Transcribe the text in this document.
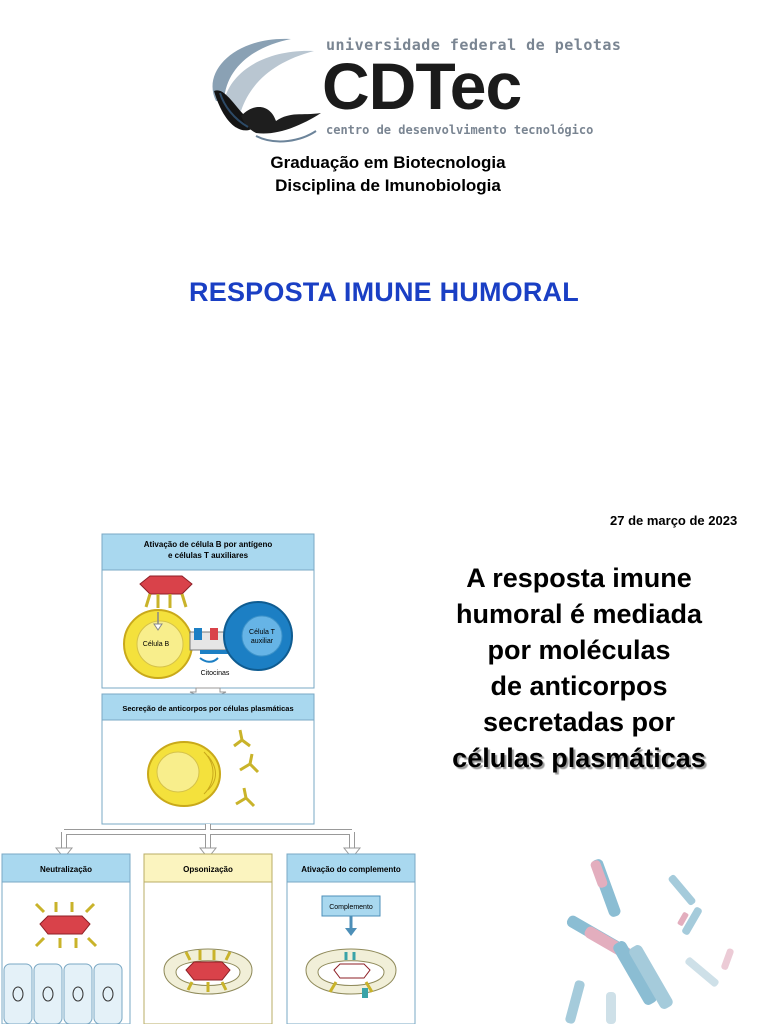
universidade federal de pelotas
CDTec
centro de desenvolvimento tecnológico
Graduação em Biotecnologia
Disciplina de Imunobiologia
RESPOSTA IMUNE HUMORAL
27 de março de 2023
A resposta imune
humoral é mediada
por moléculas
de anticorpos
secretadas por
células plasmáticas
Ativação de célula B por antígeno
e células T auxiliares
Célula B
Célula T
auxiliar
Citocinas
Secreção de anticorpos por células plasmáticas
Neutralização	Opsonização	Ativação do complemento
Complemento
